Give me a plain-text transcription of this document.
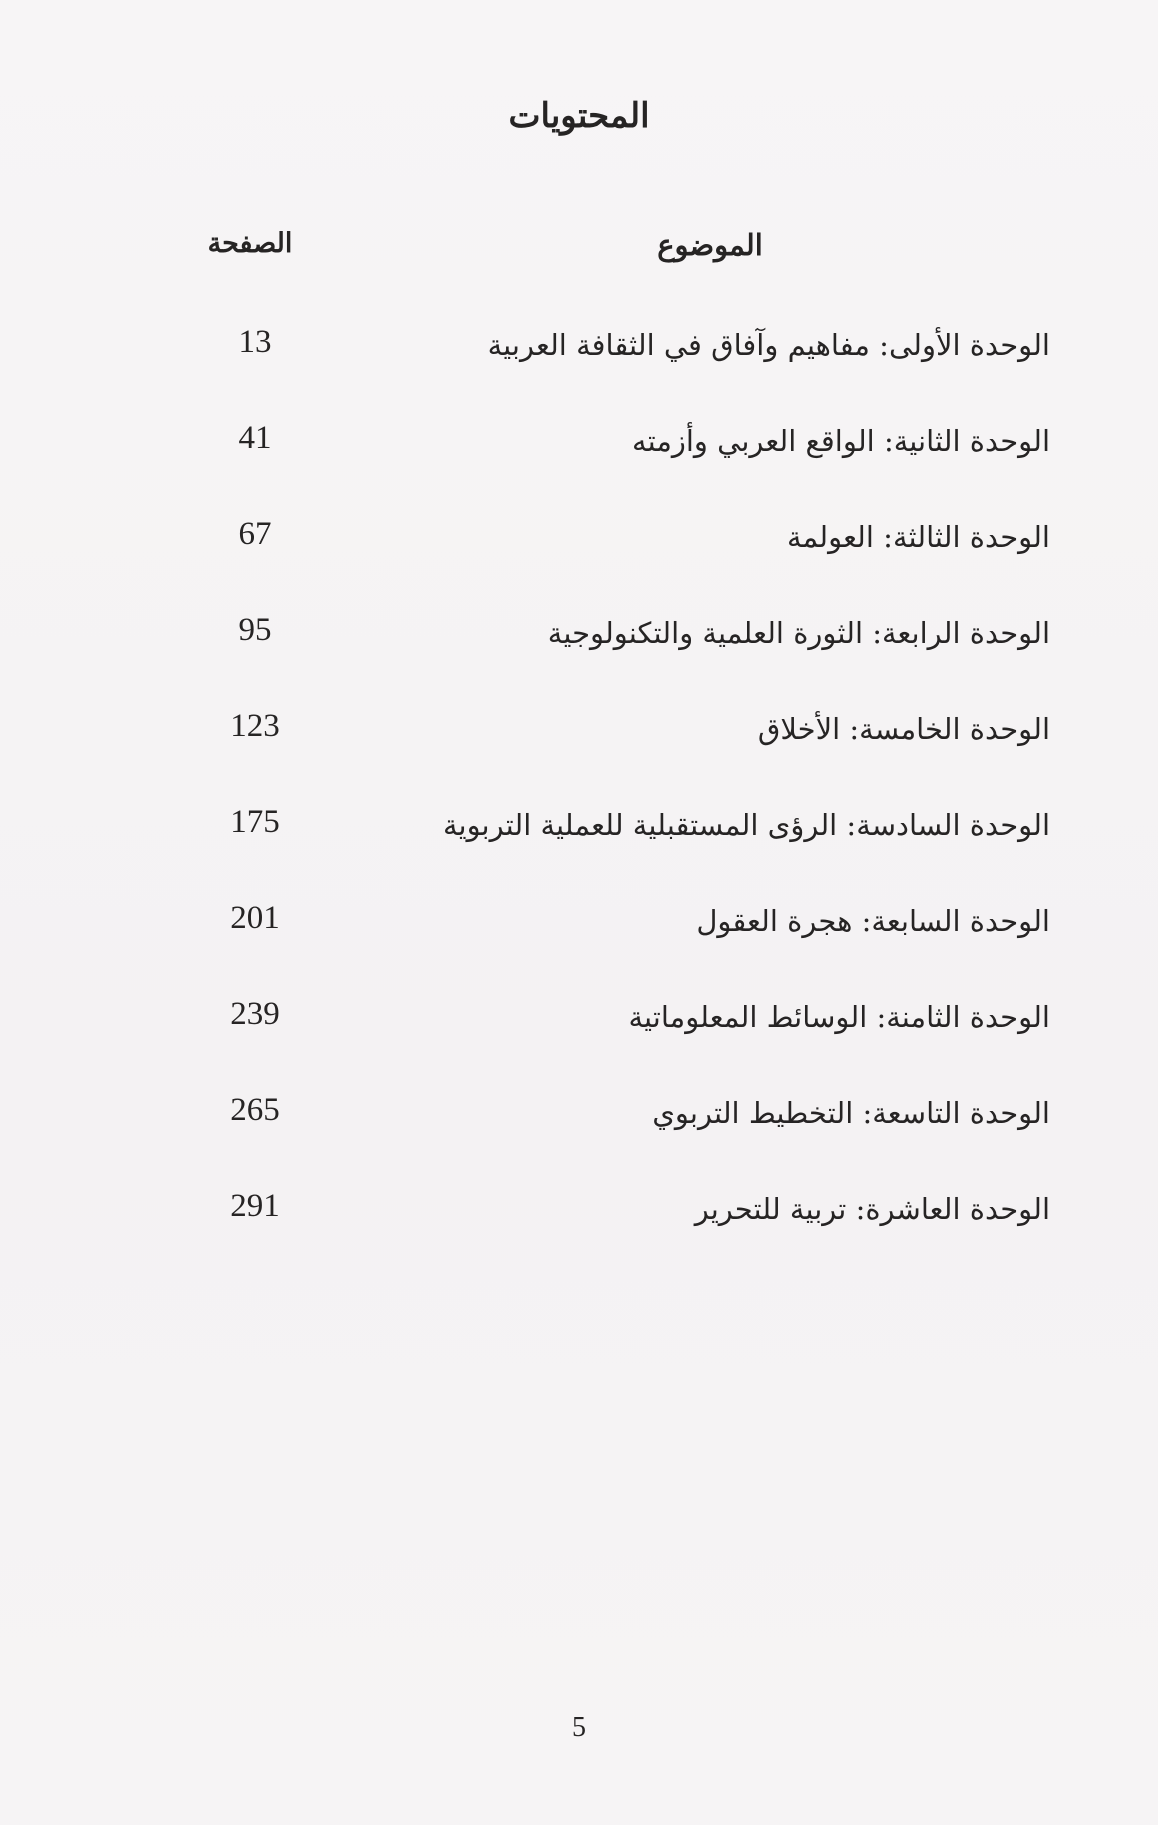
المحتويات
الموضوع
الصفحة
الوحدة الأولى: مفاهيم وآفاق في الثقافة العربية
13
الوحدة الثانية: الواقع العربي وأزمته
41
الوحدة الثالثة: العولمة
67
الوحدة الرابعة: الثورة العلمية والتكنولوجية
95
الوحدة الخامسة: الأخلاق
123
الوحدة السادسة: الرؤى المستقبلية للعملية التربوية
175
الوحدة السابعة: هجرة العقول
201
الوحدة الثامنة: الوسائط المعلوماتية
239
الوحدة التاسعة: التخطيط التربوي
265
الوحدة العاشرة: تربية للتحرير
291
5
